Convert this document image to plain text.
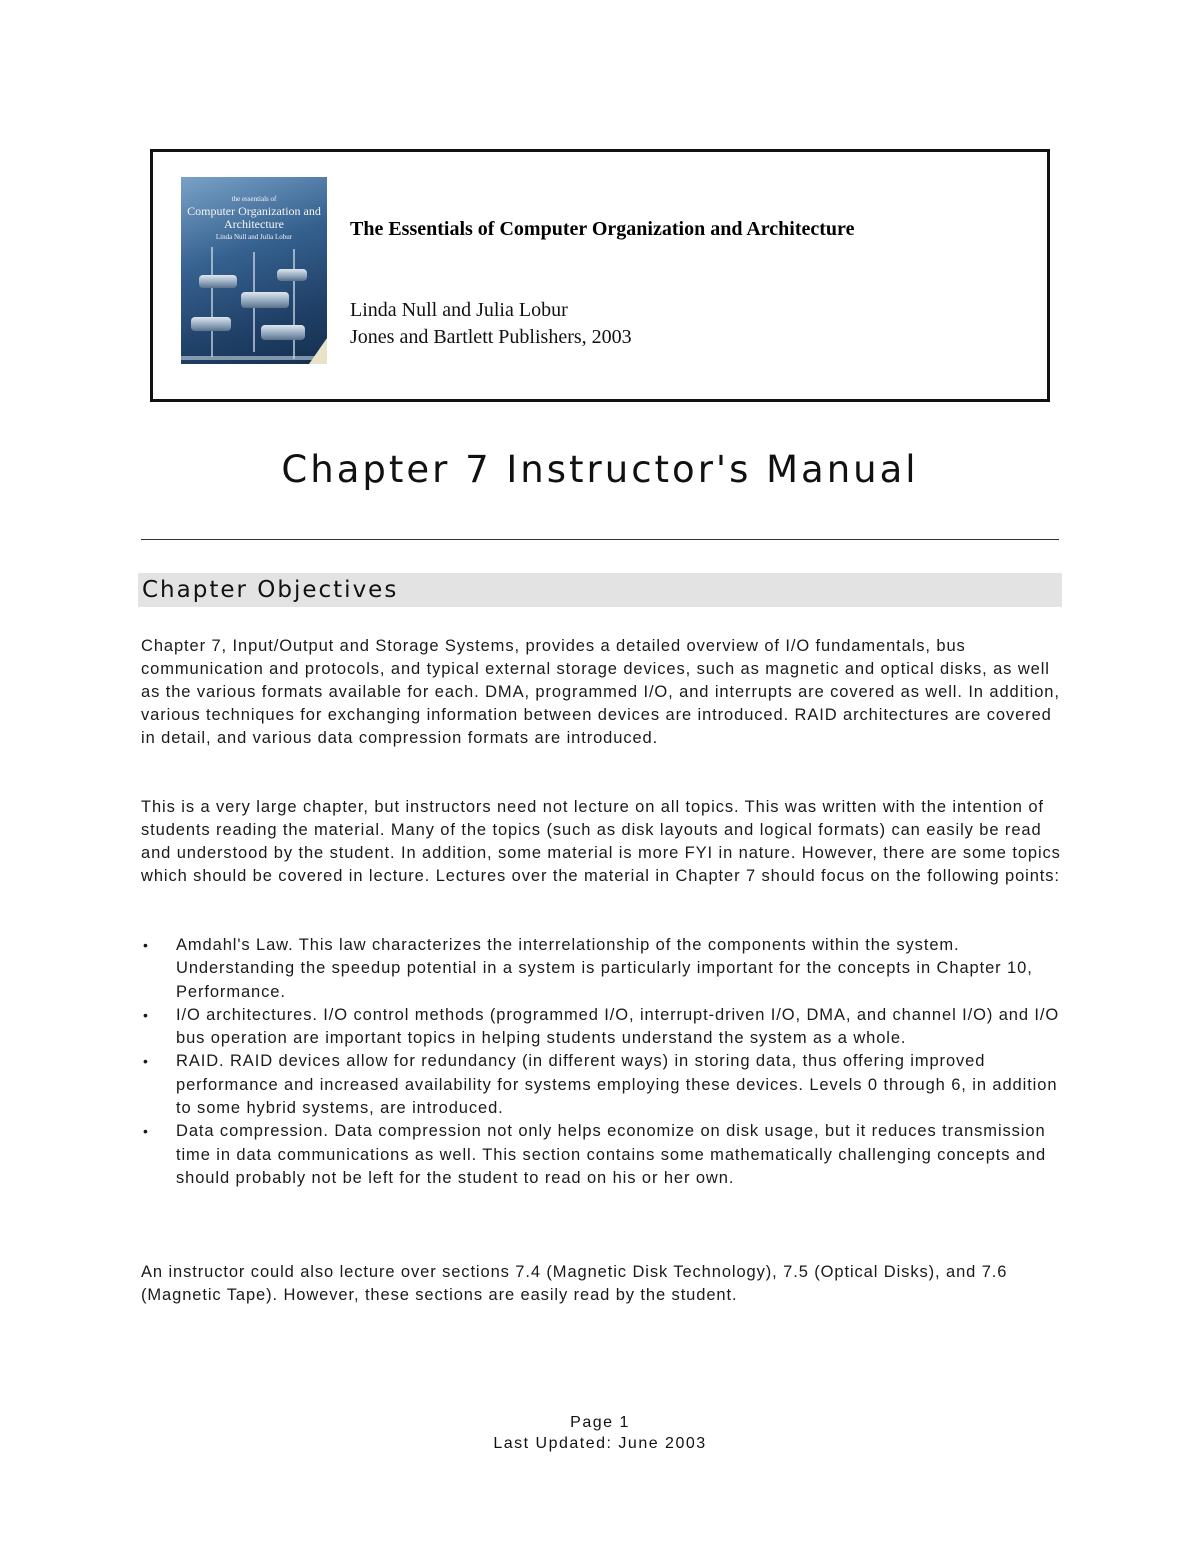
the essentials of
Computer Organization and Architecture
Linda Null and Julia Lobur	The Essentials of Computer Organization and Architecture
Linda Null and Julia Lobur
Jones and Bartlett Publishers, 2003
Chapter 7 Instructor's Manual
Chapter Objectives
Chapter 7, Input/Output and Storage Systems, provides a detailed overview of I/O fundamentals, bus communication and protocols, and typical external storage devices, such as magnetic and optical disks, as well as the various formats available for each. DMA, programmed I/O, and interrupts are covered as well. In addition, various techniques for exchanging information between devices are introduced. RAID architectures are covered in detail, and various data compression formats are introduced.
This is a very large chapter, but instructors need not lecture on all topics. This was written with the intention of students reading the material. Many of the topics (such as disk layouts and logical formats) can easily be read and understood by the student. In addition, some material is more FYI in nature. However, there are some topics which should be covered in lecture. Lectures over the material in Chapter 7 should focus on the following points:
• Amdahl's Law. This law characterizes the interrelationship of the components within the system. Understanding the speedup potential in a system is particularly important for the concepts in Chapter 10, Performance.
• I/O architectures. I/O control methods (programmed I/O, interrupt-driven I/O, DMA, and channel I/O) and I/O bus operation are important topics in helping students understand the system as a whole.
• RAID. RAID devices allow for redundancy (in different ways) in storing data, thus offering improved performance and increased availability for systems employing these devices. Levels 0 through 6, in addition to some hybrid systems, are introduced.
• Data compression. Data compression not only helps economize on disk usage, but it reduces transmission time in data communications as well. This section contains some mathematically challenging concepts and should probably not be left for the student to read on his or her own.
An instructor could also lecture over sections 7.4 (Magnetic Disk Technology), 7.5 (Optical Disks), and 7.6 (Magnetic Tape). However, these sections are easily read by the student.
Page 1
Last Updated: June 2003
